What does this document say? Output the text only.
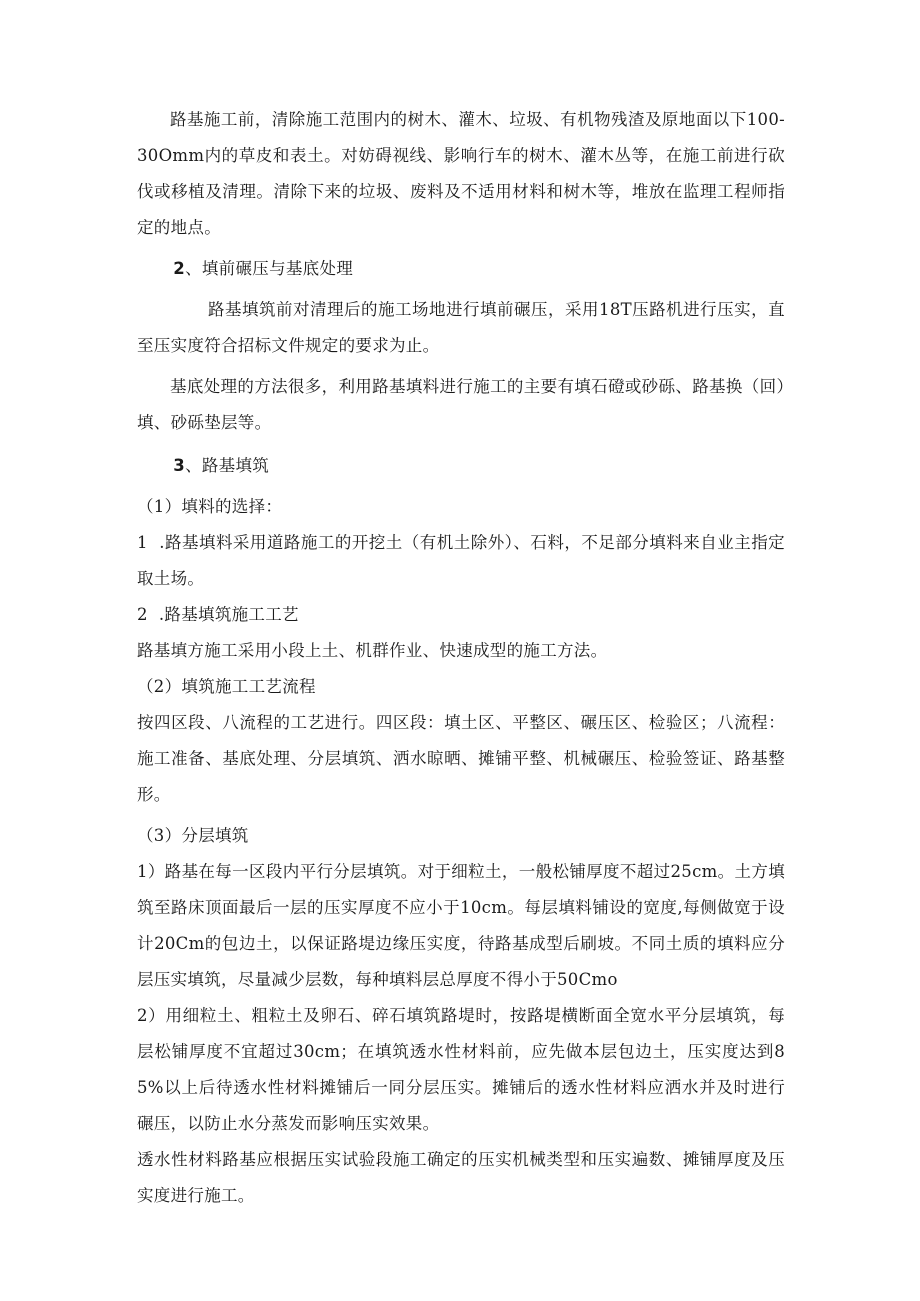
路基施工前，清除施工范围内的树木、灌木、垃圾、有机物残渣及原地面以下100-30Omm内的草皮和表土。对妨碍视线、影响行车的树木、灌木丛等，在施工前进行砍伐或移植及清理。清除下来的垃圾、废料及不适用材料和树木等，堆放在监理工程师指定的地点。

2、填前碾压与基底处理

路基填筑前对清理后的施工场地进行填前碾压，采用18T压路机进行压实，直至压实度符合招标文件规定的要求为止。

基底处理的方法很多，利用路基填料进行施工的主要有填石磴或砂砾、路基换（回）填、砂砾垫层等。

3、路基填筑

（1）填料的选择：

1  .路基填料采用道路施工的开挖土（有机土除外）、石料，不足部分填料来自业主指定取土场。

2  .路基填筑施工工艺

路基填方施工采用小段上土、机群作业、快速成型的施工方法。

（2）填筑施工工艺流程

按四区段、八流程的工艺进行。四区段：填土区、平整区、碾压区、检验区；八流程：施工准备、基底处理、分层填筑、洒水晾晒、摊铺平整、机械碾压、检验签证、路基整形。

（3）分层填筑

1）路基在每一区段内平行分层填筑。对于细粒土，一般松铺厚度不超过25cm。土方填筑至路床顶面最后一层的压实厚度不应小于10cm。每层填料铺设的宽度,每侧做宽于设计20Cm的包边土，以保证路堤边缘压实度，待路基成型后刷坡。不同土质的填料应分层压实填筑，尽量减少层数，每种填料层总厚度不得小于50Cmo

2）用细粒土、粗粒土及卵石、碎石填筑路堤时，按路堤横断面全宽水平分层填筑，每层松铺厚度不宜超过30cm；在填筑透水性材料前，应先做本层包边土，压实度达到85%以上后待透水性材料摊铺后一同分层压实。摊铺后的透水性材料应洒水并及时进行碾压，以防止水分蒸发而影响压实效果。

透水性材料路基应根据压实试验段施工确定的压实机械类型和压实遍数、摊铺厚度及压实度进行施工。
